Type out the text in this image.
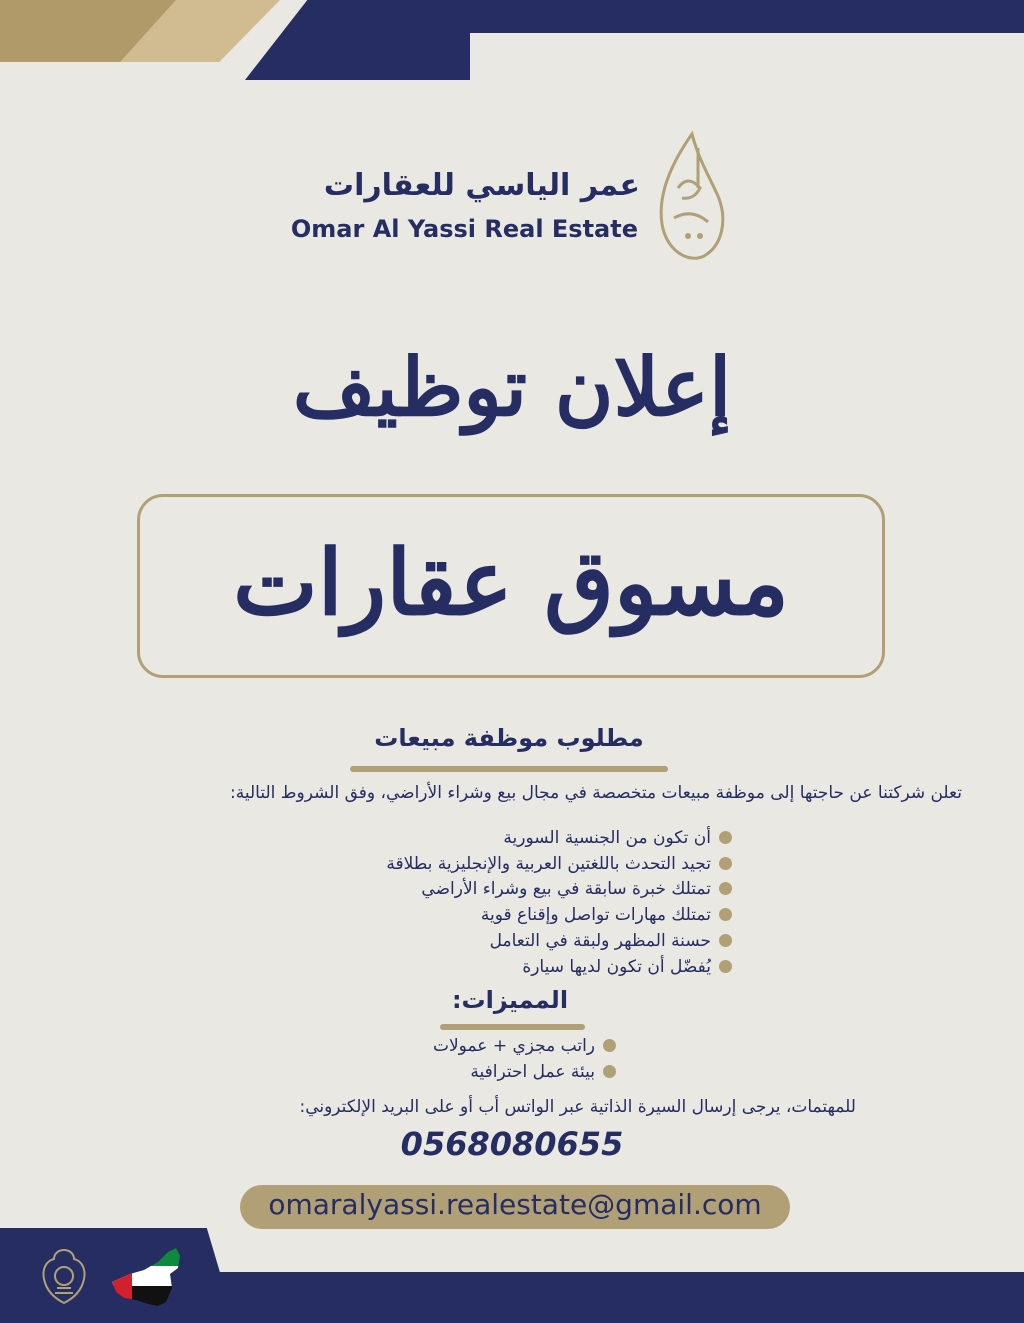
عمر الياسي للعقارات
Omar Al Yassi Real Estate
إعلان توظيف
مسوق عقارات
مطلوب موظفة مبيعات
تعلن شركتنا عن حاجتها إلى موظفة مبيعات متخصصة في مجال بيع وشراء الأراضي، وفق الشروط التالية:
أن تكون من الجنسية السورية
تجيد التحدث باللغتين العربية والإنجليزية بطلاقة
تمتلك خبرة سابقة في بيع وشراء الأراضي
تمتلك مهارات تواصل وإقناع قوية
حسنة المظهر ولبقة في التعامل
يُفضّل أن تكون لديها سيارة
المميزات:
راتب مجزي + عمولات
بيئة عمل احترافية
للمهتمات، يرجى إرسال السيرة الذاتية عبر الواتس أب أو على البريد الإلكتروني:
0568080655
omaralyassi.realestate@gmail.com
